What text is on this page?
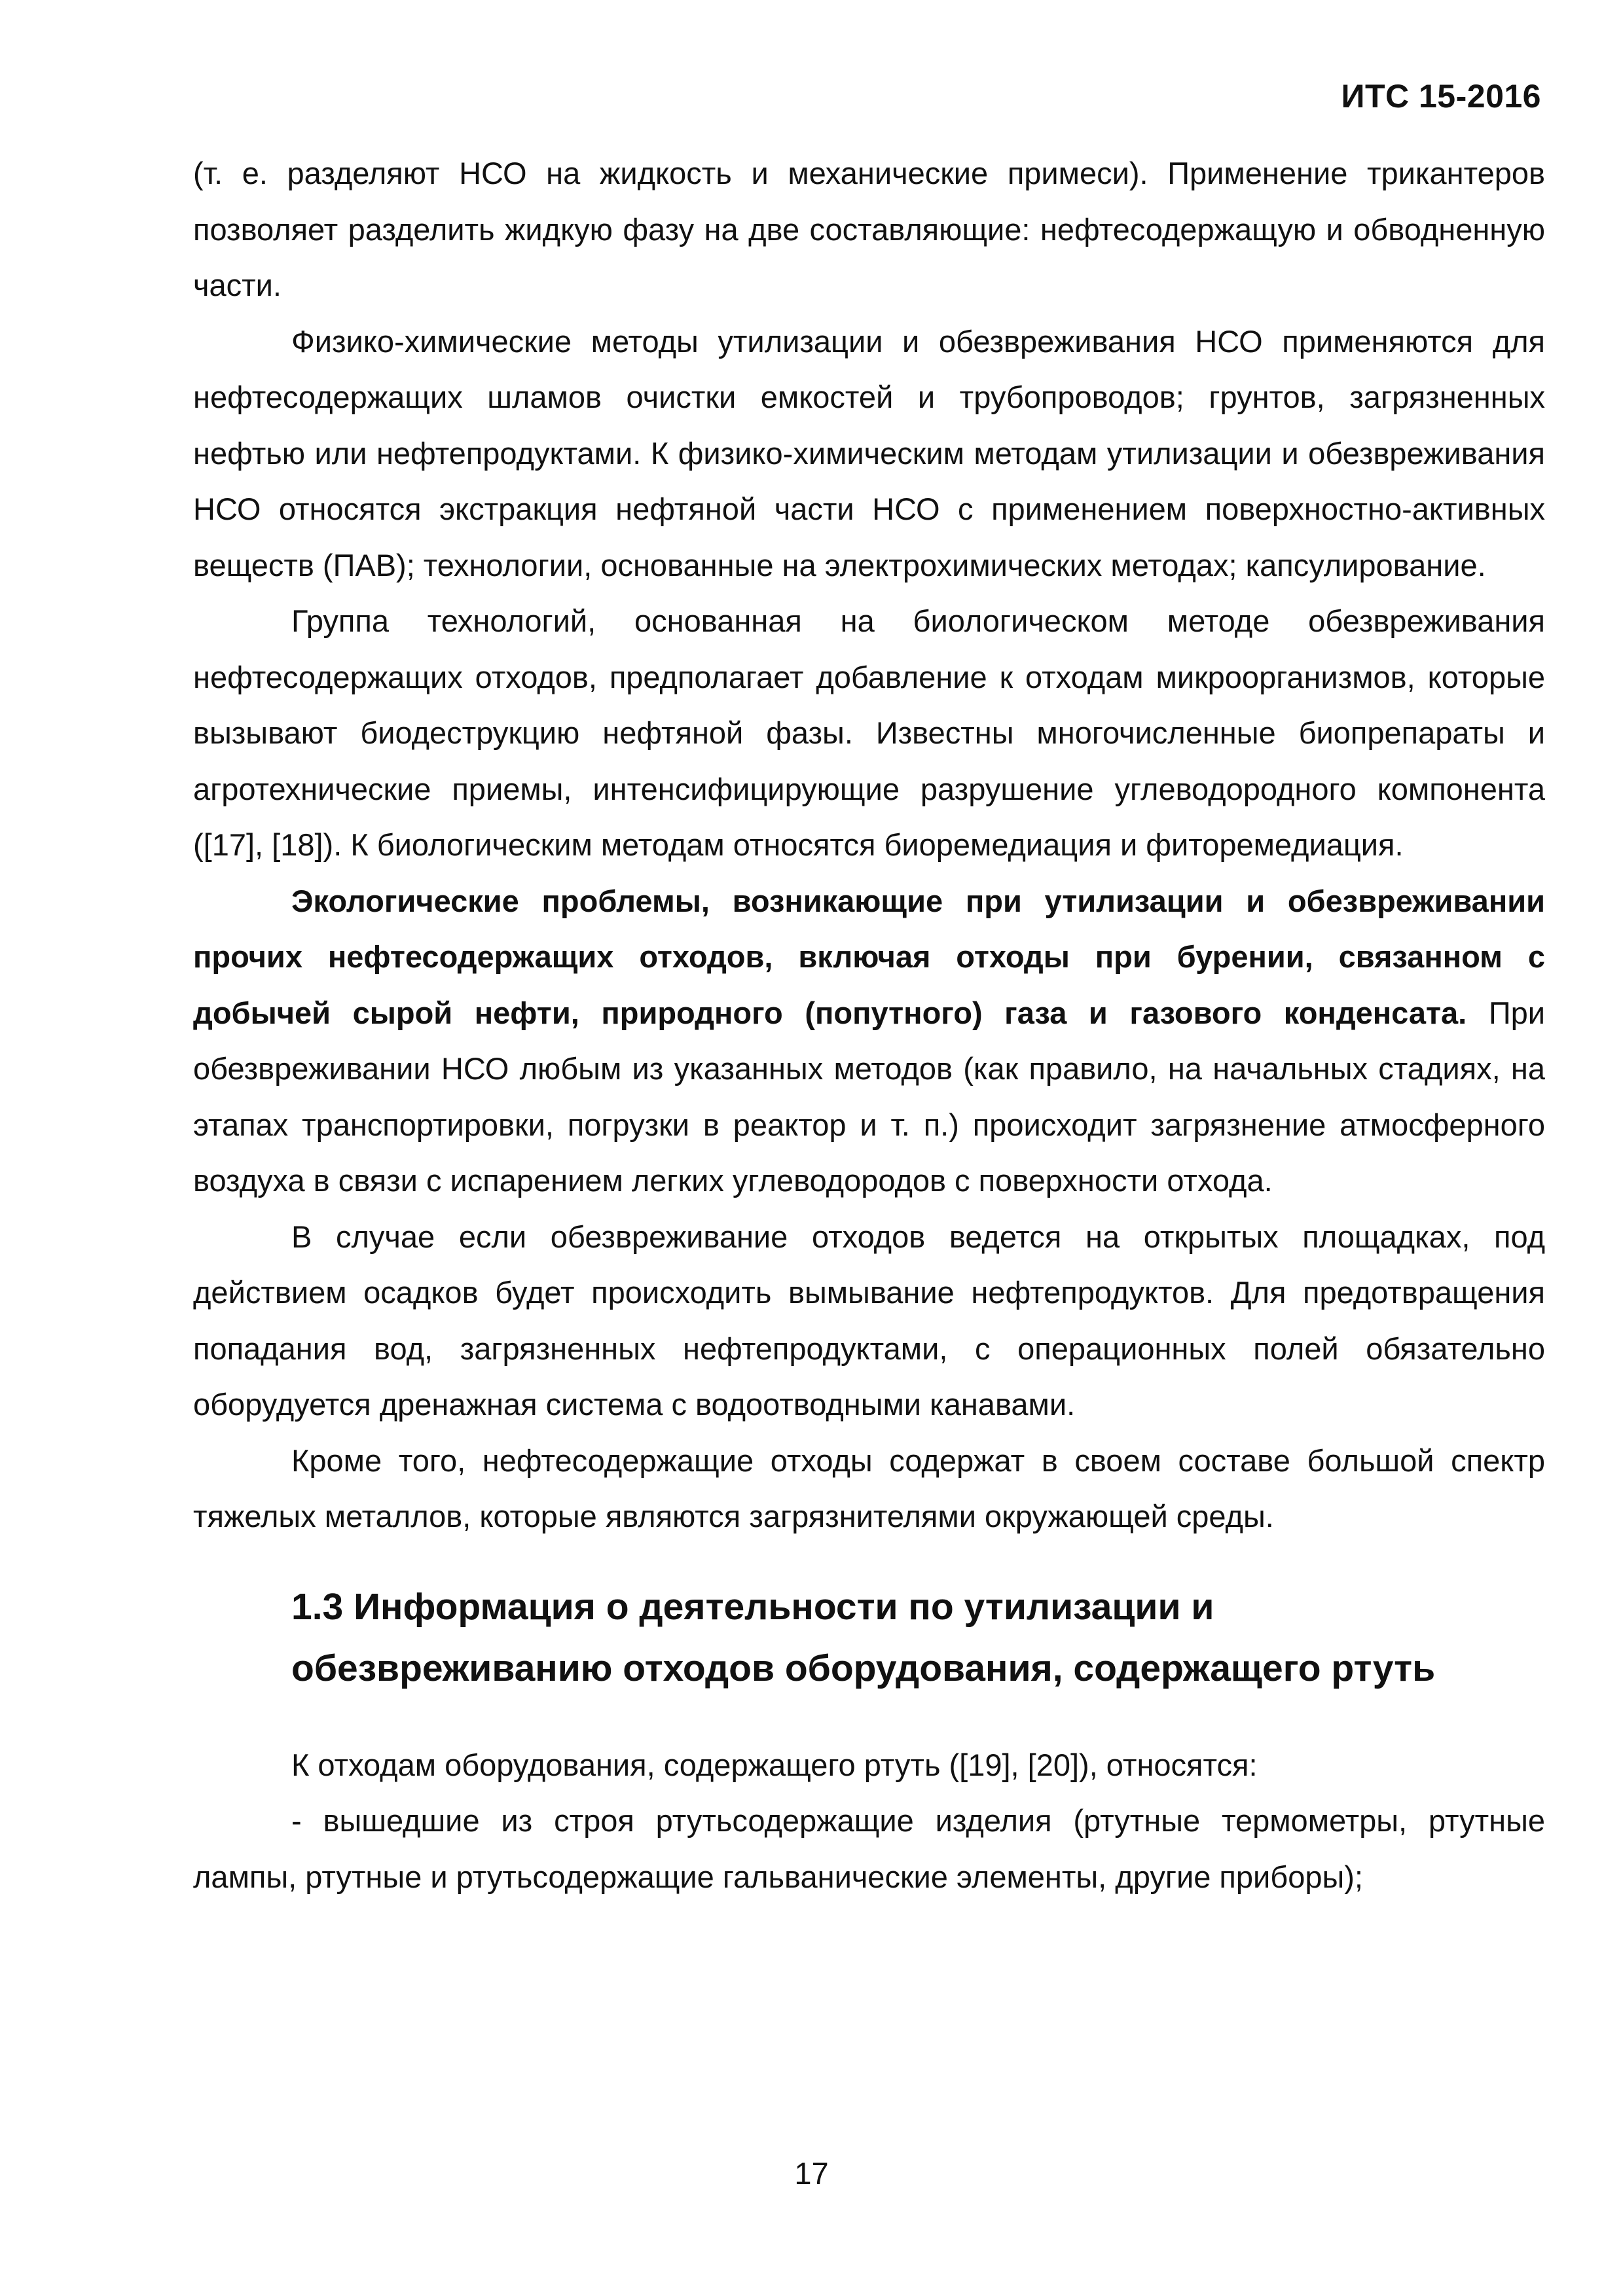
ИТС 15-2016

(т. е. разделяют НСО на жидкость и механические примеси). Применение трикантеров позволяет разделить жидкую фазу на две составляющие: нефтесодержащую и обводненную части.

Физико-химические методы утилизации и обезвреживания НСО применяются для нефтесодержащих шламов очистки емкостей и трубопроводов; грунтов, загрязненных нефтью или нефтепродуктами. К физико-химическим методам утилизации и обезвреживания НСО относятся экстракция нефтяной части НСО с применением поверхностно-активных веществ (ПАВ); технологии, основанные на электрохимических методах; капсулирование.

Группа технологий, основанная на биологическом методе обезвреживания нефтесодержащих отходов, предполагает добавление к отходам микроорганизмов, которые вызывают биодеструкцию нефтяной фазы. Известны многочисленные биопрепараты и агротехнические приемы, интенсифицирующие разрушение углеводородного компонента ([17], [18]). К биологическим методам относятся биоремедиация и фиторемедиация.

Экологические проблемы, возникающие при утилизации и обезвреживании прочих нефтесодержащих отходов, включая отходы при бурении, связанном с добычей сырой нефти, природного (попутного) газа и газового конденсата. При обезвреживании НСО любым из указанных методов (как правило, на начальных стадиях, на этапах транспортировки, погрузки в реактор и т. п.) происходит загрязнение атмосферного воздуха в связи с испарением легких углеводородов с поверхности отхода.

В случае если обезвреживание отходов ведется на открытых площадках, под действием осадков будет происходить вымывание нефтепродуктов. Для предотвращения попадания вод, загрязненных нефтепродуктами, с операционных полей обязательно оборудуется дренажная система с водоотводными канавами.

Кроме того, нефтесодержащие отходы содержат в своем составе большой спектр тяжелых металлов, которые являются загрязнителями окружающей среды.

1.3 Информация о деятельности по утилизации и
обезвреживанию отходов оборудования, содержащего ртуть

К отходам оборудования, содержащего ртуть ([19], [20]), относятся:

- вышедшие из строя ртутьсодержащие изделия (ртутные термометры, ртутные лампы, ртутные и ртутьсодержащие гальванические элементы, другие приборы);

17
